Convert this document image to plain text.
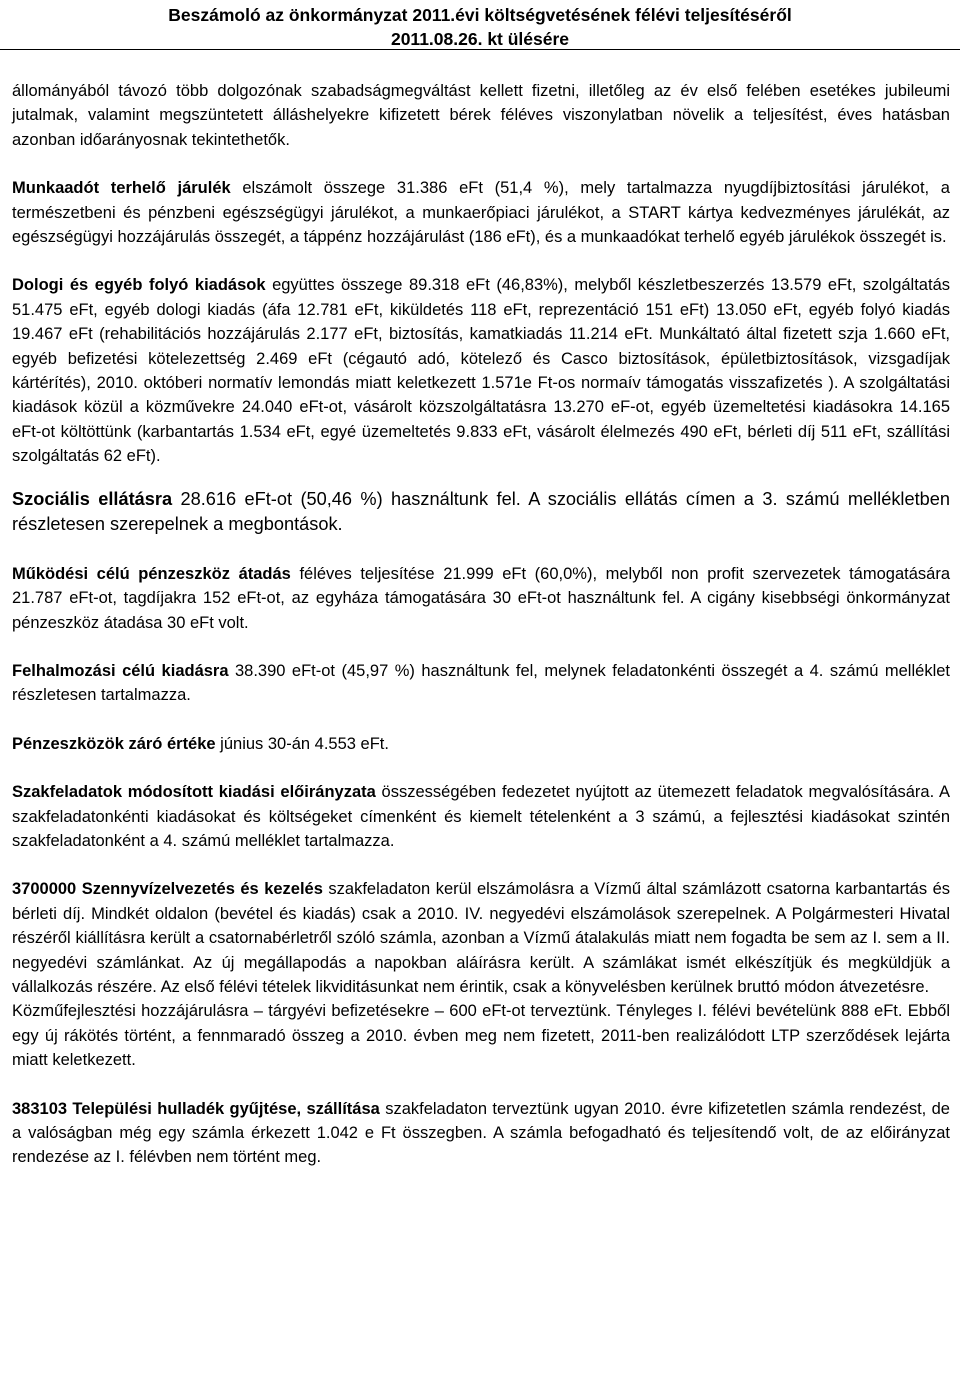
Beszámoló az önkormányzat 2011.évi költségvetésének félévi teljesítéséről
2011.08.26. kt ülésére

állományából távozó több dolgozónak szabadságmegváltást kellett fizetni, illetőleg az év első felében esetékes jubileumi jutalmak, valamint megszüntetett álláshelyekre kifizetett bérek féléves viszonylatban növelik a teljesítést, éves hatásban azonban időarányosnak tekintethetők.

Munkaadót terhelő járulék elszámolt összege 31.386 eFt (51,4 %), mely tartalmazza nyugdíjbiztosítási járulékot, a természetbeni és pénzbeni egészségügyi járulékot, a munkaerőpiaci járulékot, a START kártya kedvezményes járulékát, az egészségügyi hozzájárulás összegét, a táppénz hozzájárulást (186 eFt), és a munkaadókat terhelő egyéb járulékok összegét is.

Dologi és egyéb folyó kiadások együttes összege 89.318 eFt (46,83%), melyből készletbeszerzés 13.579 eFt, szolgáltatás 51.475 eFt, egyéb dologi kiadás (áfa 12.781 eFt, kiküldetés 118 eFt, reprezentáció 151 eFt) 13.050 eFt, egyéb folyó kiadás 19.467 eFt (rehabilitációs hozzájárulás 2.177 eFt, biztosítás, kamatkiadás 11.214 eFt. Munkáltató által fizetett szja 1.660 eFt, egyéb befizetési kötelezettség 2.469 eFt (cégautó adó, kötelező és Casco biztosítások, épületbiztosítások, vizsgadíjak kártérítés), 2010. októberi normatív lemondás miatt keletkezett 1.571e Ft-os normaív támogatás visszafizetés ). A szolgáltatási kiadások közül a közművekre 24.040 eFt-ot, vásárolt közszolgáltatásra 13.270 eF-ot, egyéb üzemeltetési kiadásokra 14.165 eFt-ot költöttünk (karbantartás 1.534 eFt, egyé üzemeltetés 9.833 eFt, vásárolt élelmezés 490 eFt, bérleti díj 511 eFt, szállítási szolgáltatás 62 eFt).

Szociális ellátásra 28.616 eFt-ot (50,46 %) használtunk fel. A szociális ellátás címen a 3. számú mellékletben részletesen szerepelnek a megbontások.

Működési célú pénzeszköz átadás féléves teljesítése 21.999 eFt (60,0%), melyből non profit szervezetek támogatására 21.787 eFt-ot, tagdíjakra 152 eFt-ot, az egyháza támogatására 30 eFt-ot használtunk fel. A cigány kisebbségi önkormányzat pénzeszköz átadása 30 eFt volt.

Felhalmozási célú kiadásra 38.390 eFt-ot (45,97 %) használtunk fel, melynek feladatonkénti összegét a 4. számú melléklet részletesen tartalmazza.

Pénzeszközök záró értéke június 30-án 4.553 eFt.

Szakfeladatok módosított kiadási előirányzata összességében fedezetet nyújtott az ütemezett feladatok megvalósítására. A szakfeladatonkénti kiadásokat és költségeket címenként és kiemelt tételenként a 3 számú, a fejlesztési kiadásokat szintén szakfeladatonként a 4. számú melléklet tartalmazza.

3700000 Szennyvízelvezetés és kezelés szakfeladaton kerül elszámolásra a Vízmű által számlázott csatorna karbantartás és bérleti díj. Mindkét oldalon (bevétel és kiadás) csak a 2010. IV. negyedévi elszámolások szerepelnek. A Polgármesteri Hivatal részéről kiállításra került a csatornabérletről szóló számla, azonban a Vízmű átalakulás miatt nem fogadta be sem az I. sem a II. negyedévi számlánkat. Az új megállapodás a napokban aláírásra került. A számlákat ismét elkészítjük és megküldjük a vállalkozás részére. Az első félévi tételek likviditásunkat nem érintik, csak a könyvelésben kerülnek bruttó módon átvezetésre.
Közműfejlesztési hozzájárulásra – tárgyévi befizetésekre – 600 eFt-ot terveztünk. Tényleges I. félévi bevételünk 888 eFt. Ebből egy új rákötés történt, a fennmaradó összeg a 2010. évben meg nem fizetett, 2011-ben realizálódott LTP szerződések lejárta miatt keletkezett.

383103 Települési hulladék gyűjtése, szállítása szakfeladaton terveztünk ugyan 2010. évre kifizetetlen számla rendezést, de a valóságban még egy számla érkezett 1.042 e Ft összegben. A számla befogadható és teljesítendő volt, de az előirányzat rendezése az I. félévben nem történt meg.
